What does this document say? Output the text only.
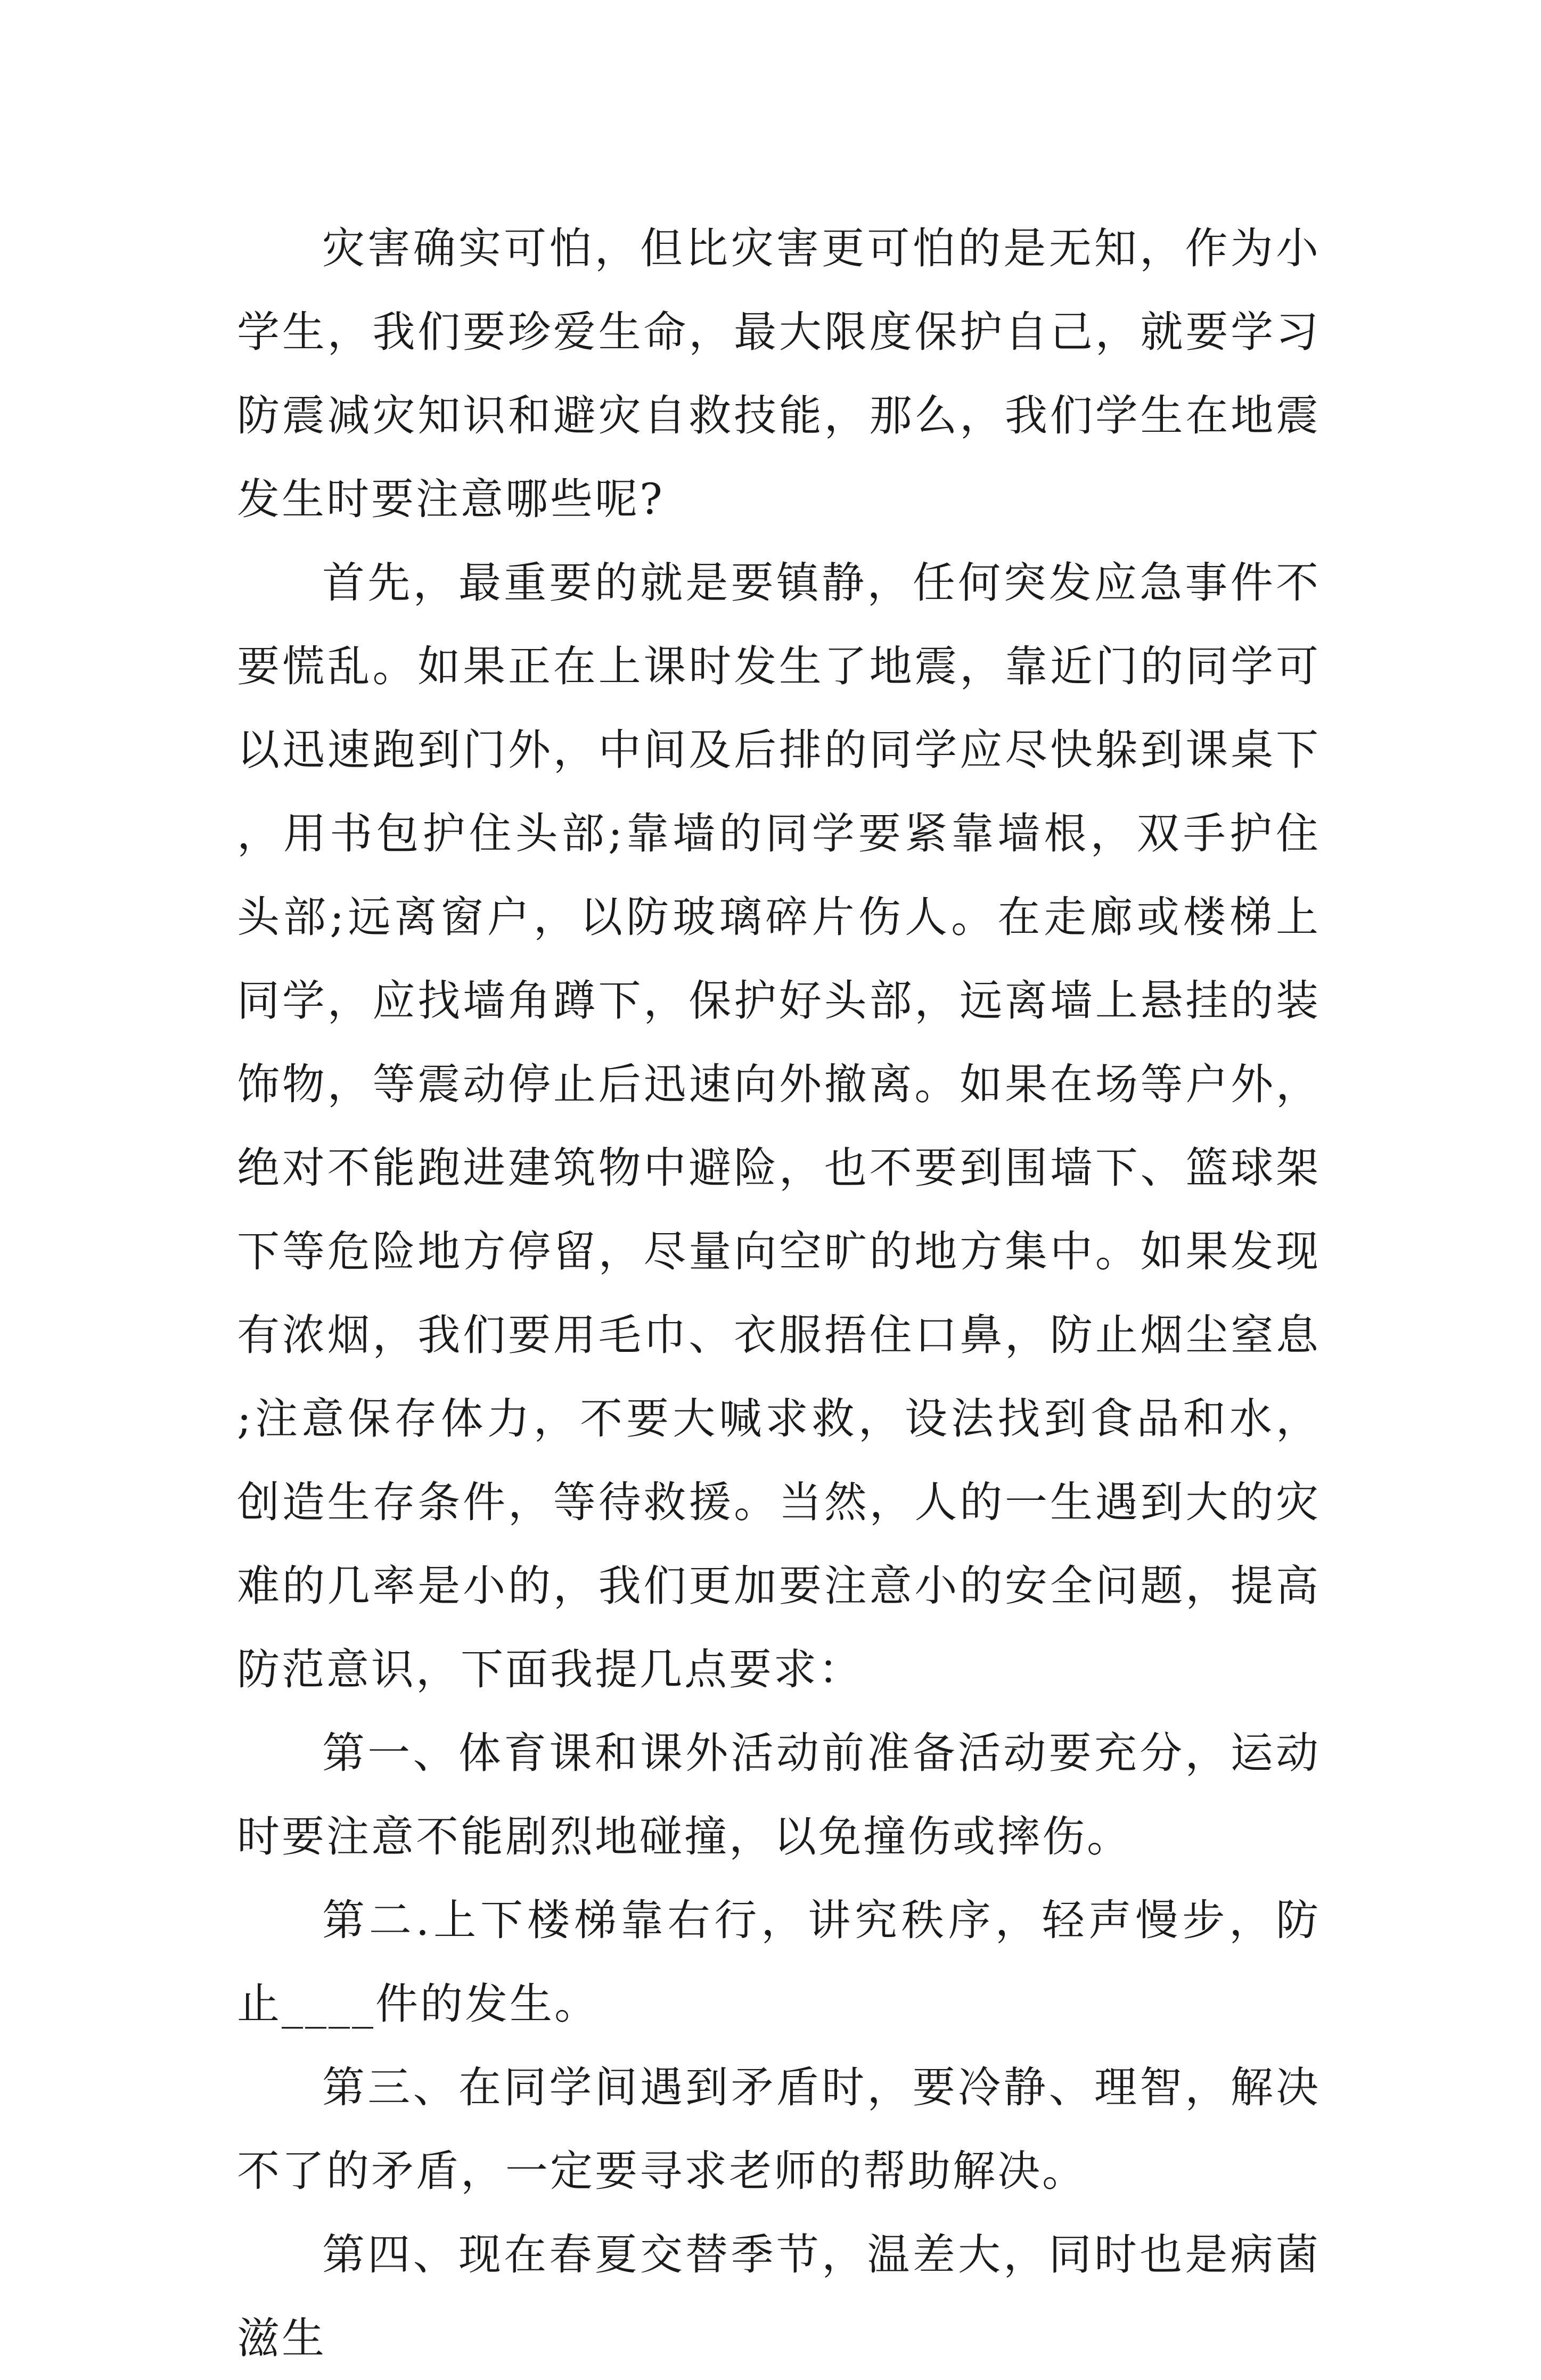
灾害确实可怕，但比灾害更可怕的是无知，作为小学生，我们要珍爱生命，最大限度保护自己，就要学习防震减灾知识和避灾自救技能，那么，我们学生在地震发生时要注意哪些呢?

首先，最重要的就是要镇静，任何突发应急事件不要慌乱。如果正在上课时发生了地震，靠近门的同学可以迅速跑到门外，中间及后排的同学应尽快躲到课桌下，用书包护住头部;靠墙的同学要紧靠墙根，双手护住头部;远离窗户，以防玻璃碎片伤人。在走廊或楼梯上同学，应找墙角蹲下，保护好头部，远离墙上悬挂的装饰物，等震动停止后迅速向外撤离。如果在场等户外，绝对不能跑进建筑物中避险，也不要到围墙下、篮球架下等危险地方停留，尽量向空旷的地方集中。如果发现有浓烟，我们要用毛巾、衣服捂住口鼻，防止烟尘窒息;注意保存体力，不要大喊求救，设法找到食品和水，创造生存条件，等待救援。当然，人的一生遇到大的灾难的几率是小的，我们更加要注意小的安全问题，提高防范意识，下面我提几点要求：

第一、体育课和课外活动前准备活动要充分，运动时要注意不能剧烈地碰撞，以免撞伤或摔伤。

第二.上下楼梯靠右行，讲究秩序，轻声慢步，防止____件的发生。

第三、在同学间遇到矛盾时，要冷静、理智，解决不了的矛盾，一定要寻求老师的帮助解决。

第四、现在春夏交替季节，温差大，同时也是病菌滋生
